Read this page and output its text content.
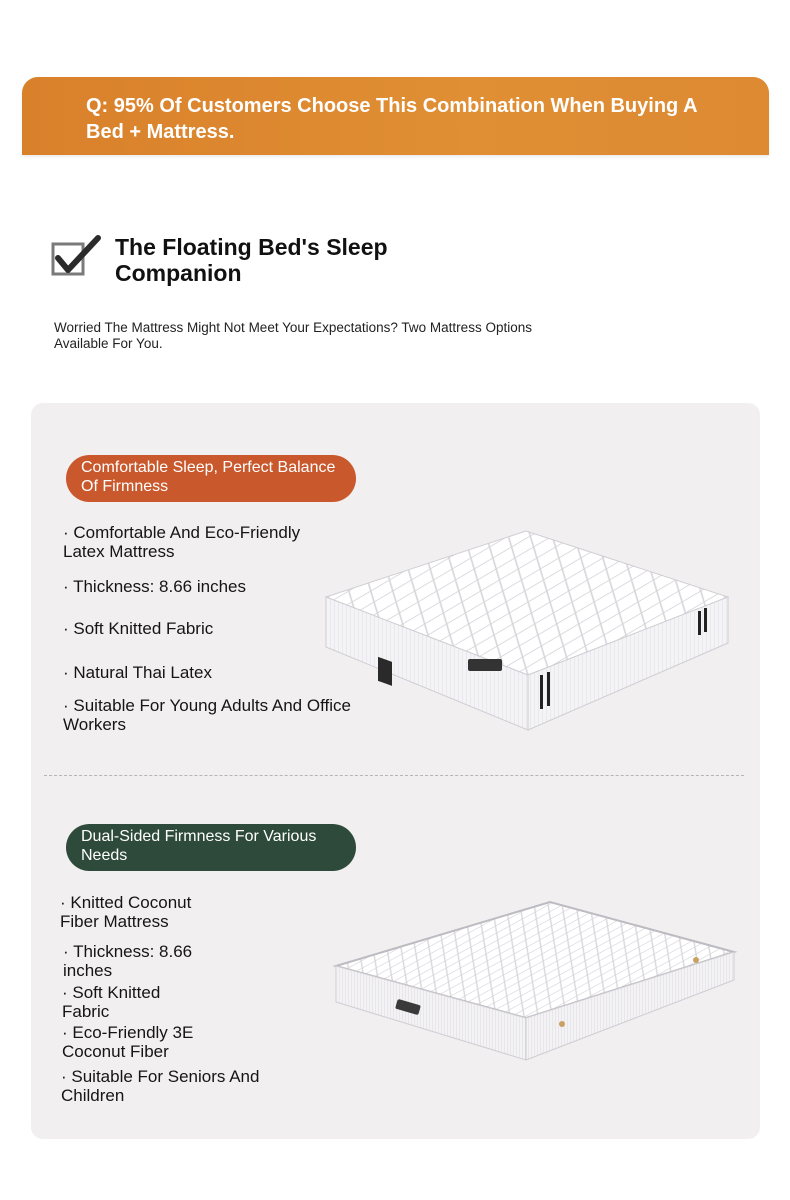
Q: 95% Of Customers Choose This Combination When Buying A Bed + Mattress.
The Floating Bed's Sleep Companion
Worried The Mattress Might Not Meet Your Expectations? Two Mattress Options Available For You.
Comfortable Sleep, Perfect Balance Of Firmness
· Comfortable And Eco-Friendly Latex Mattress
· Thickness: 8.66 inches
· Soft Knitted Fabric
· Natural Thai Latex
· Suitable For Young Adults And Office Workers
Dual-Sided Firmness For Various Needs
· Knitted Coconut Fiber Mattress
· Thickness: 8.66 inches
· Soft Knitted Fabric
· Eco-Friendly 3E Coconut Fiber
· Suitable For Seniors And Children
